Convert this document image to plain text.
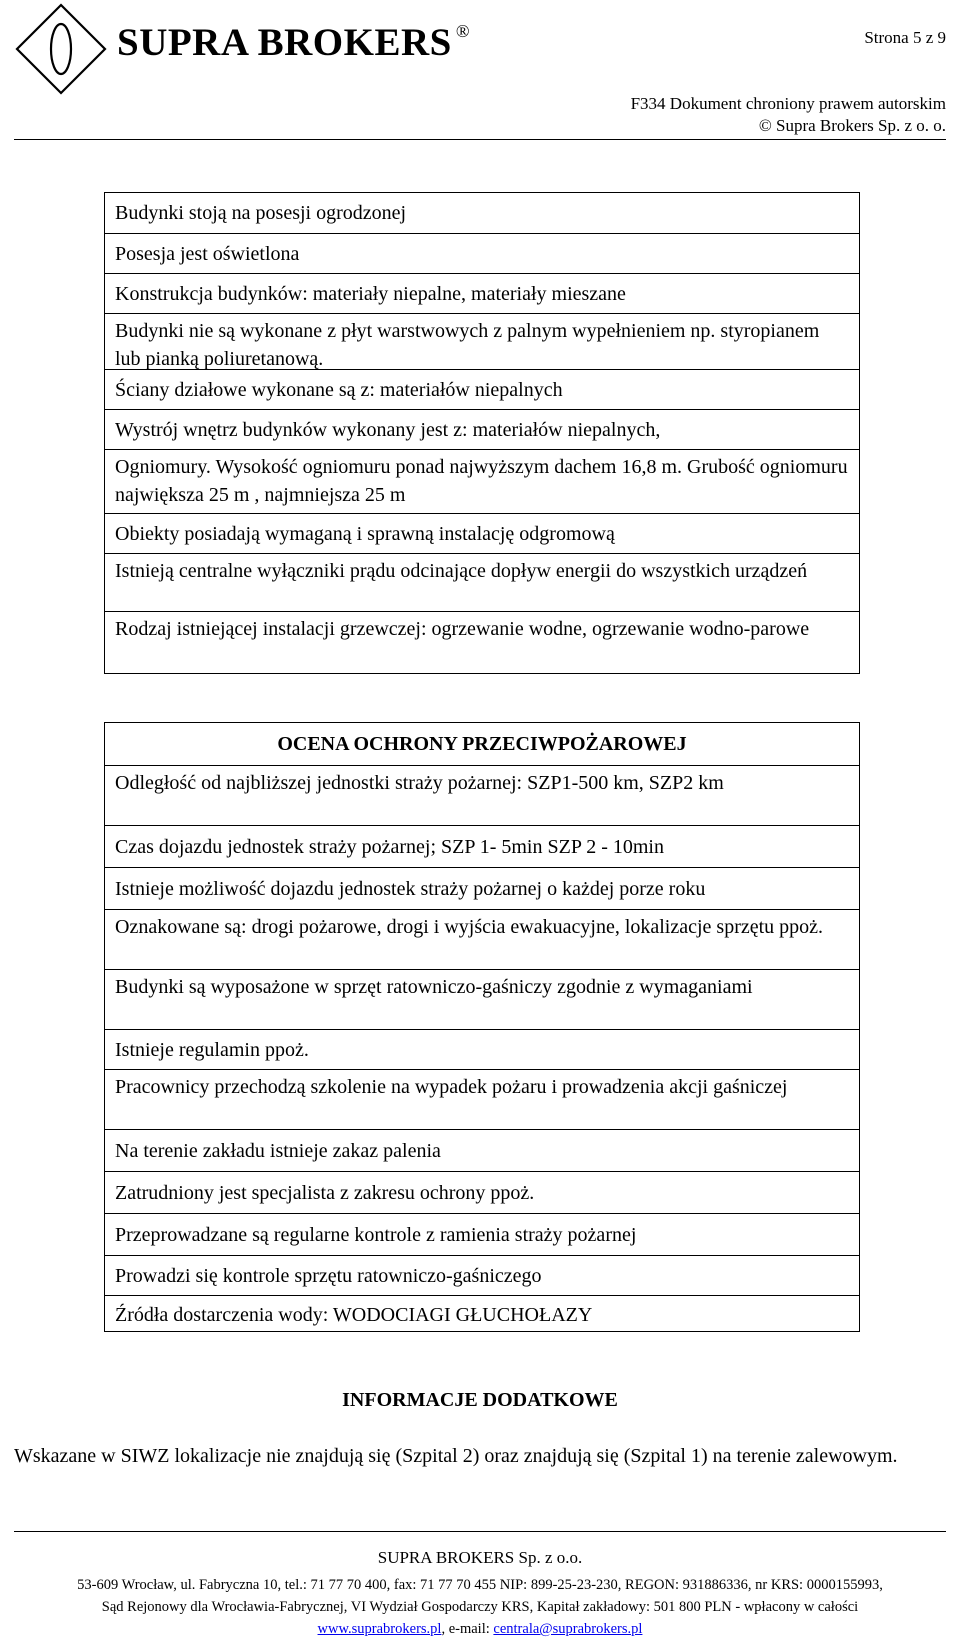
SUPRA BROKERS ®	Strona 5 z 9
F334 Dokument chroniony prawem autorskim
© Supra Brokers Sp. z o. o.
Budynki stoją na posesji ogrodzonej
Posesja jest oświetlona
Konstrukcja budynków: materiały niepalne, materiały mieszane
Budynki nie są wykonane z płyt warstwowych z palnym wypełnieniem np. styropianem lub pianką poliuretanową.
Ściany działowe wykonane są z: materiałów niepalnych
Wystrój wnętrz budynków wykonany jest z: materiałów niepalnych,
Ogniomury. Wysokość ogniomuru ponad najwyższym dachem 16,8 m. Grubość ogniomuru największa 25 m , najmniejsza 25 m
Obiekty posiadają wymaganą i sprawną instalację odgromową
Istnieją centralne wyłączniki prądu odcinające dopływ energii do wszystkich urządzeń
Rodzaj istniejącej instalacji grzewczej: ogrzewanie wodne, ogrzewanie wodno-parowe
OCENA OCHRONY PRZECIWPOŻAROWEJ
Odległość od najbliższej jednostki straży pożarnej: SZP1-500 km, SZP2 km
Czas dojazdu jednostek straży pożarnej; SZP 1- 5min SZP 2 - 10min
Istnieje możliwość dojazdu jednostek straży pożarnej o każdej porze roku
Oznakowane są: drogi pożarowe, drogi i wyjścia ewakuacyjne, lokalizacje sprzętu ppoż.
Budynki są wyposażone w sprzęt ratowniczo-gaśniczy zgodnie z wymaganiami
Istnieje regulamin ppoż.
Pracownicy przechodzą szkolenie na wypadek pożaru i prowadzenia akcji gaśniczej
Na terenie zakładu istnieje zakaz palenia
Zatrudniony jest specjalista z zakresu ochrony ppoż.
Przeprowadzane są regularne kontrole z ramienia straży pożarnej
Prowadzi się kontrole sprzętu ratowniczo-gaśniczego
Źródła dostarczenia wody: WODOCIAGI GŁUCHOŁAZY
INFORMACJE DODATKOWE
Wskazane w SIWZ lokalizacje nie znajdują się (Szpital 2) oraz znajdują się (Szpital 1) na terenie zalewowym.
SUPRA BROKERS Sp. z o.o.
53-609 Wrocław, ul. Fabryczna 10, tel.: 71 77 70 400, fax: 71 77 70 455 NIP: 899-25-23-230, REGON: 931886336, nr KRS: 0000155993,
Sąd Rejonowy dla Wrocławia-Fabrycznej, VI Wydział Gospodarczy KRS, Kapitał zakładowy: 501 800 PLN - wpłacony w całości
www.suprabrokers.pl, e-mail: centrala@suprabrokers.pl
